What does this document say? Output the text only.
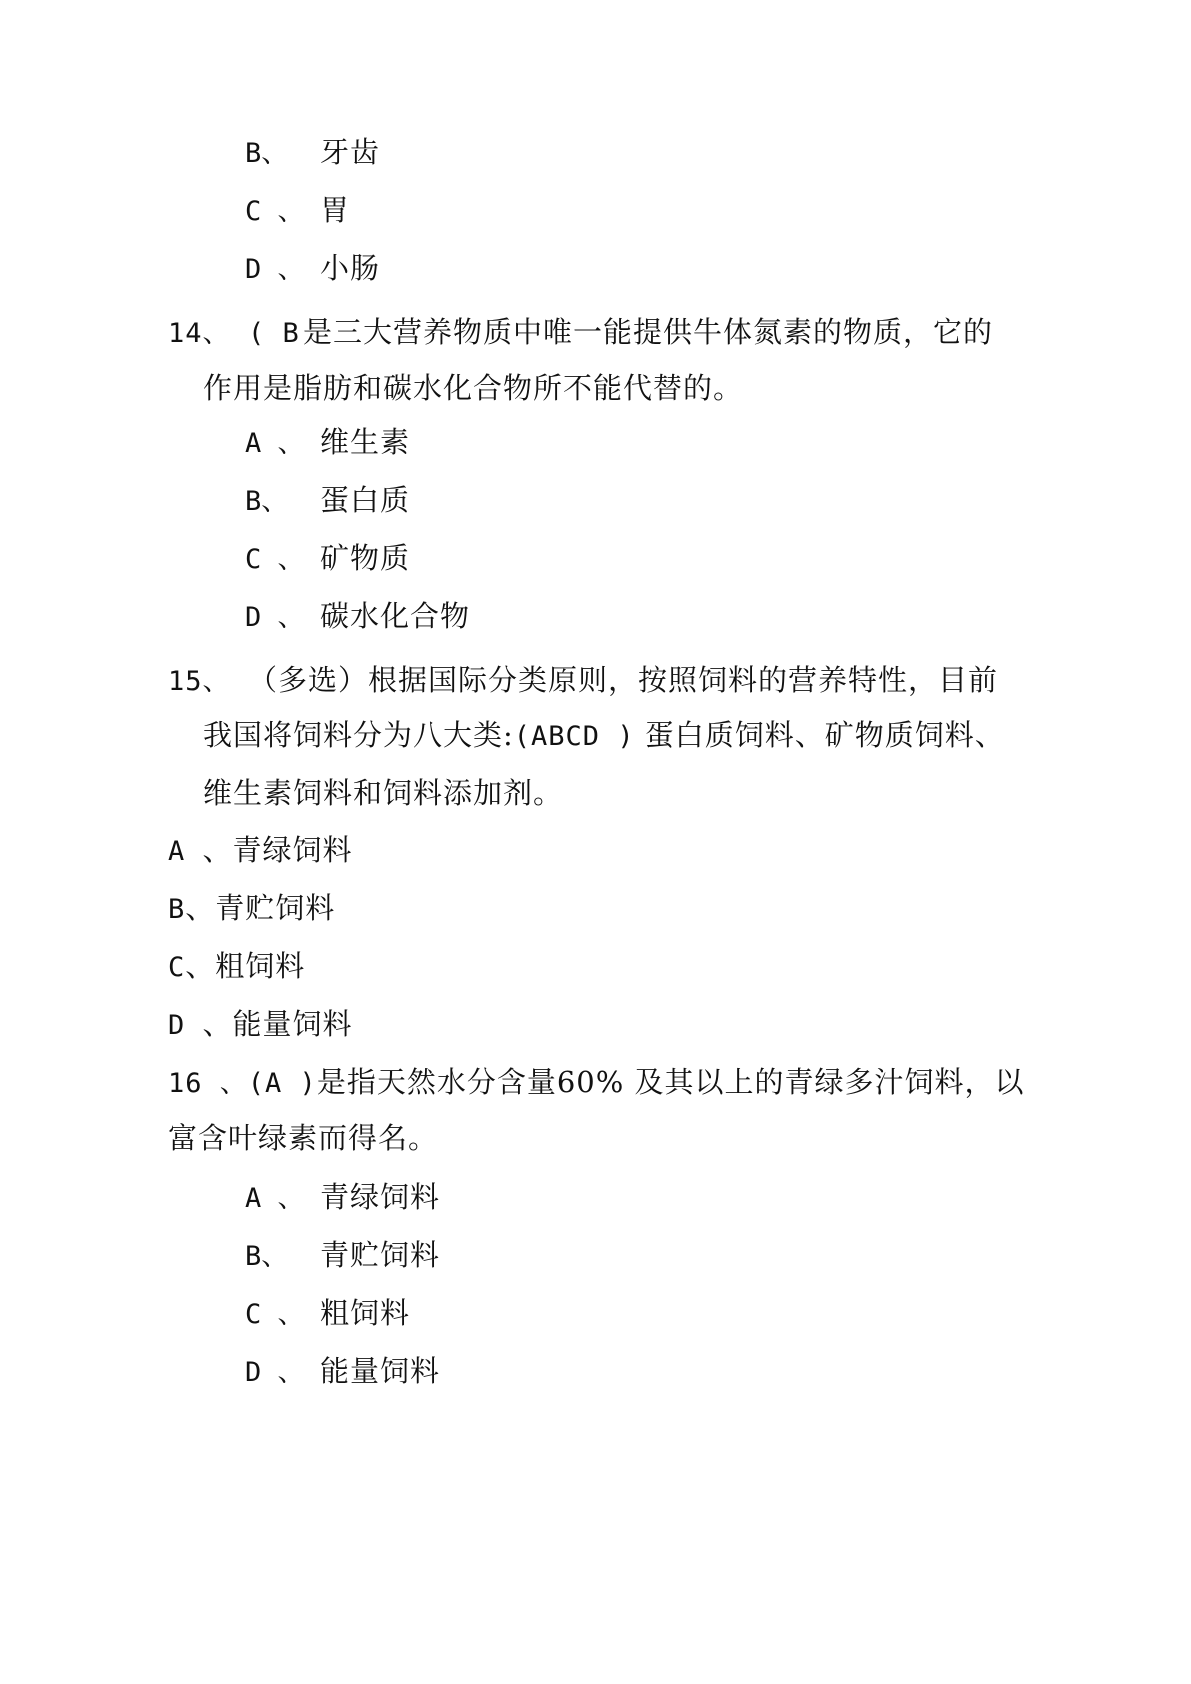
B、 牙齿
C 、 胃
D 、 小肠
14、 ( B是三大营养物质中唯一能提供牛体氮素的物质，它的
作用是脂肪和碳水化合物所不能代替的。
A 、 维生素
B、 蛋白质
C 、 矿物质
D 、 碳水化合物
15、 （多选）根据国际分类原则，按照饲料的营养特性，目前
我国将饲料分为八大类:(ABCD ) 蛋白质饲料、矿物质饲料、
维生素饲料和饲料添加剂。
A 、青绿饲料
B、青贮饲料
C、粗饲料
D 、能量饲料
16 、(A )是指天然水分含量60% 及其以上的青绿多汁饲料，以
富含叶绿素而得名。
A 、 青绿饲料
B、 青贮饲料
C 、 粗饲料
D 、 能量饲料
